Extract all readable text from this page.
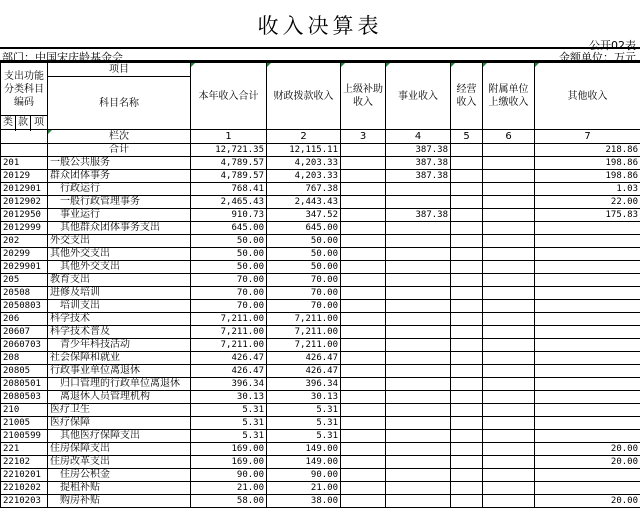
收入决算表
公开02表
部门：中国宋庆龄基金会	金额单位：万元
支出功能分类科目编码			项目	本年收入合计	财政拨款收入	上级补助收入	事业收入	经营收入	附属单位上缴收入	其他收入
			科目名称							

类	款	项								

			栏次	1	2	3	4	5	6	7
			合计	12,721.35	12,115.11		387.38			218.86
201			一般公共服务	4,789.57	4,203.33		387.38			198.86
20129			群众团体事务	4,789.57	4,203.33		387.38			198.86
2012901			行政运行	768.41	767.38					1.03
2012902			一般行政管理事务	2,465.43	2,443.43					22.00
2012950			事业运行	910.73	347.52		387.38			175.83
2012999			其他群众团体事务支出	645.00	645.00					
202			外交支出	50.00	50.00					
20299			其他外交支出	50.00	50.00					
2029901			其他外交支出	50.00	50.00					
205			教育支出	70.00	70.00					
20508			进修及培训	70.00	70.00					
2050803			培训支出	70.00	70.00					
206			科学技术	7,211.00	7,211.00					
20607			科学技术普及	7,211.00	7,211.00					
2060703			青少年科技活动	7,211.00	7,211.00					
208			社会保障和就业	426.47	426.47					
20805			行政事业单位离退休	426.47	426.47					
2080501			归口管理的行政单位离退休	396.34	396.34					
2080503			离退休人员管理机构	30.13	30.13					
210			医疗卫生	5.31	5.31					
21005			医疗保障	5.31	5.31					
2100599			其他医疗保障支出	5.31	5.31					
221			住房保障支出	169.00	149.00					20.00
22102			住房改革支出	169.00	149.00					20.00
2210201			住房公积金	90.00	90.00					
2210202			提租补贴	21.00	21.00					
2210203			购房补贴	58.00	38.00					20.00
